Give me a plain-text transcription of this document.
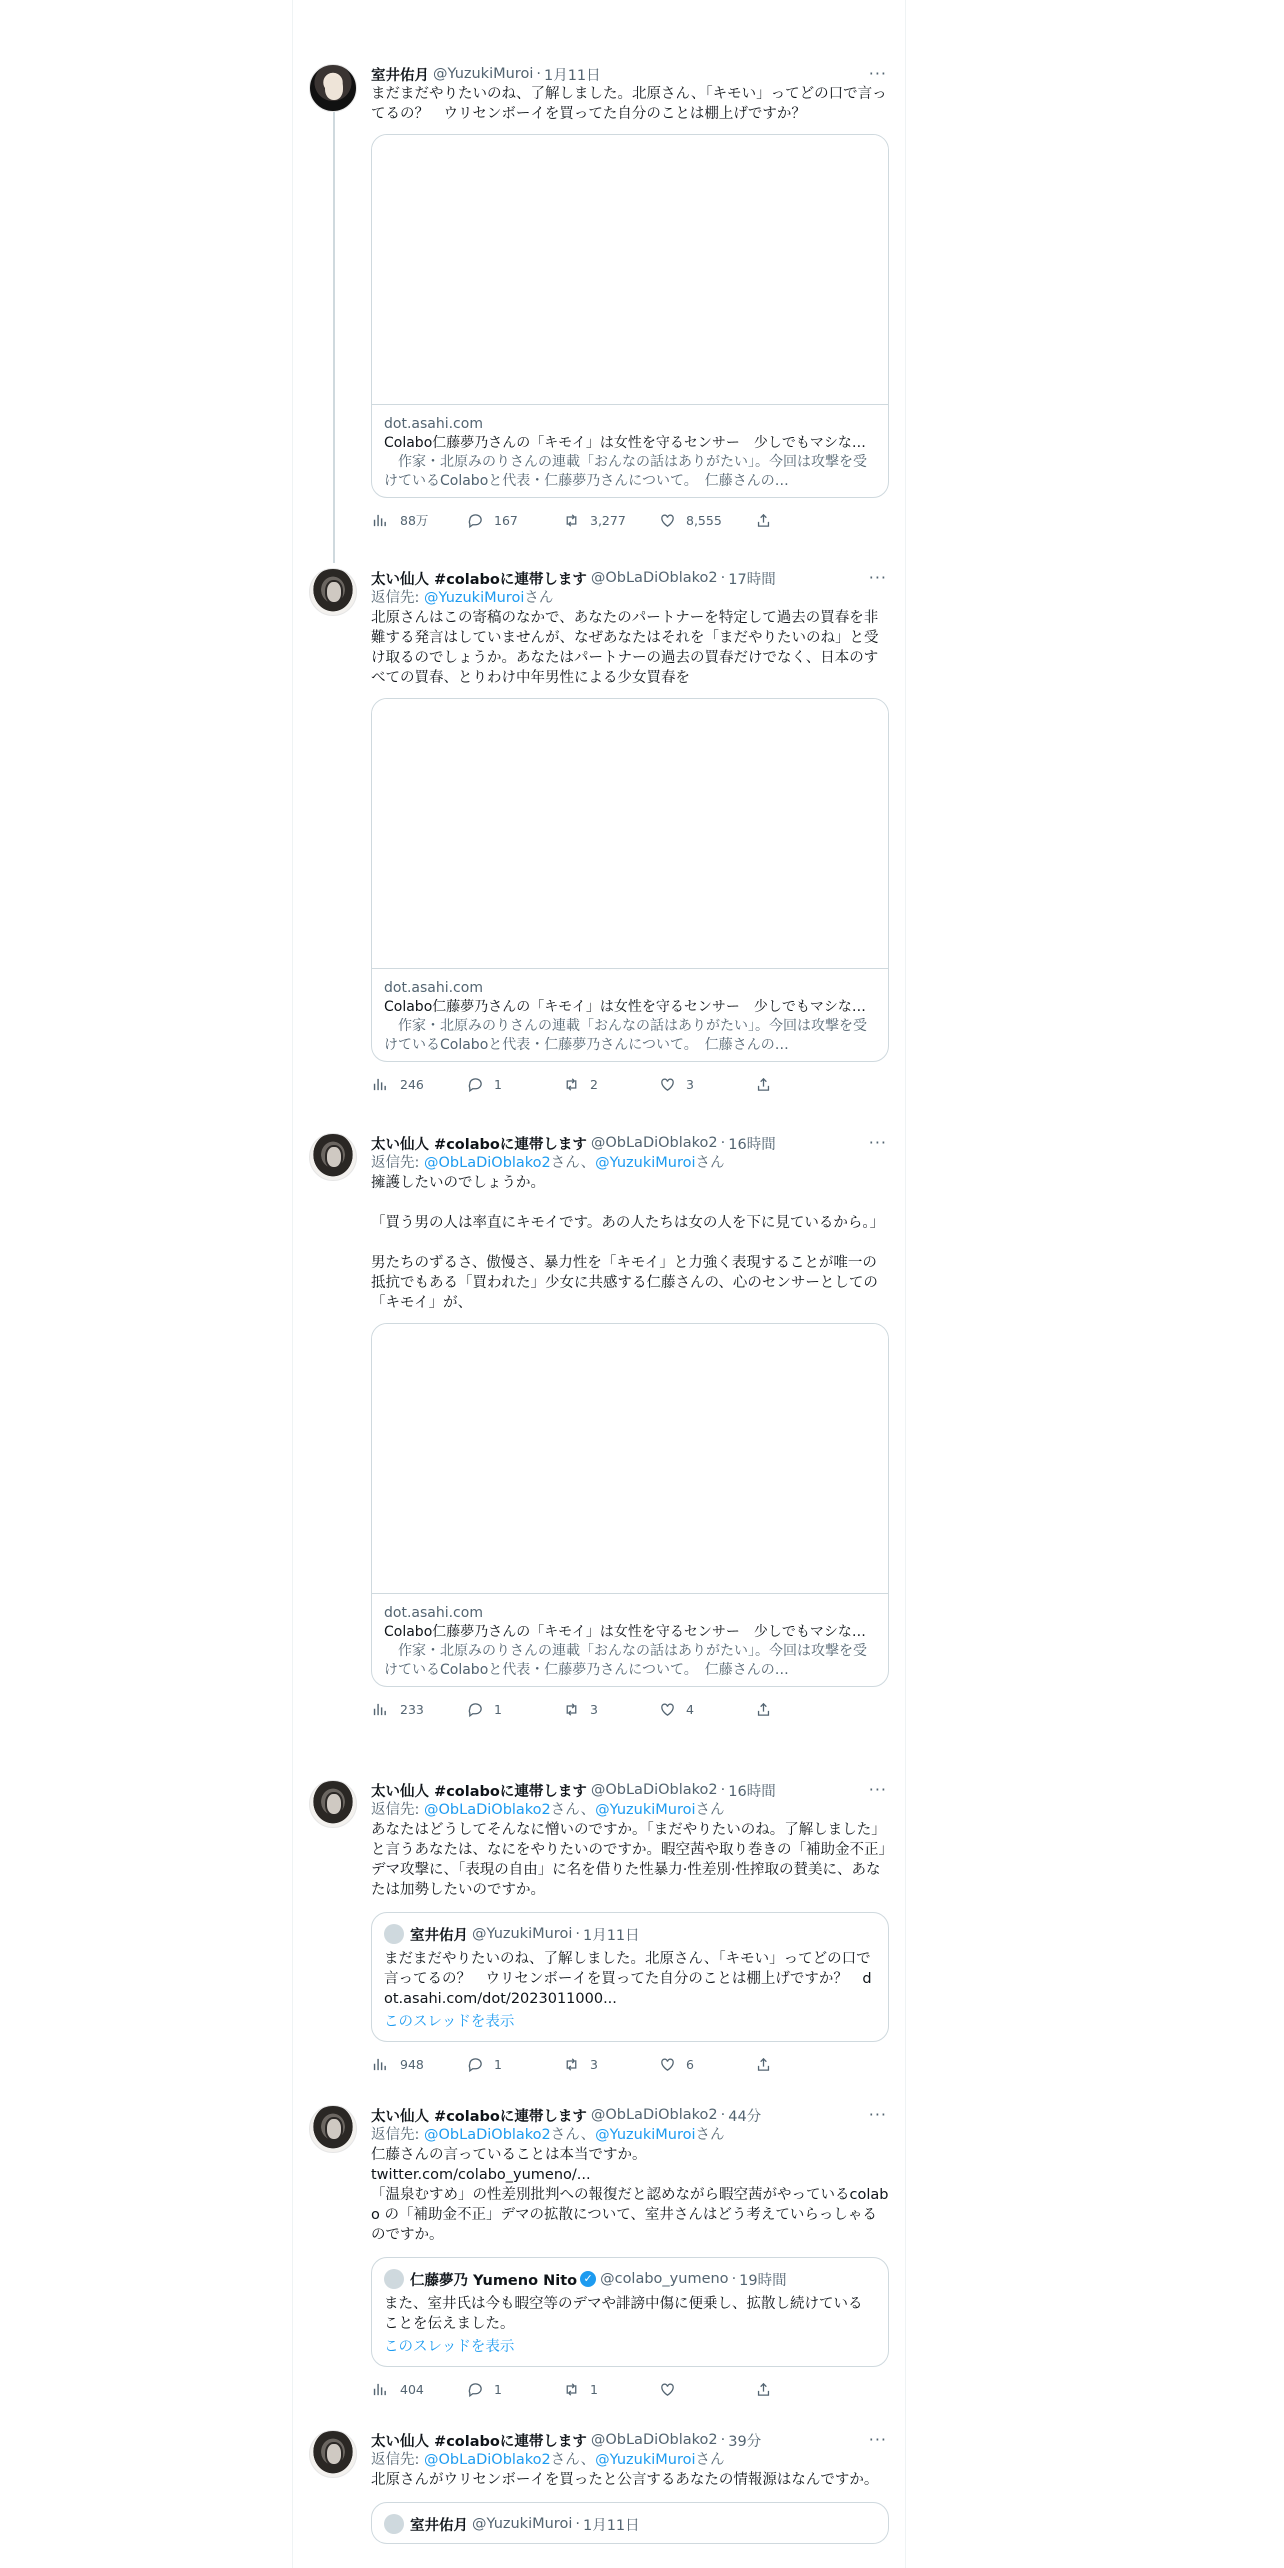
室井佑月 @YuzukiMuroi · 1月11日	···
まだまだやりたいのね、了解しました。北原さん、「キモい」ってどの口で言ってるの？　ウリセンボーイを買ってた自分のことは棚上げですか？
dot.asahi.com
Colabo仁藤夢乃さんの「キモイ」は女性を守るセンサー　少しでもマシな…
　作家・北原みのりさんの連載「おんなの話はありがたい」。今回は攻撃を受けているColaboと代表・仁藤夢乃さんについて。　仁藤さんの…
88万	167	3,277	8,555
太い仙人 #colaboに連帯します @ObLaDiOblako2 · 17時間	···
返信先: @YuzukiMuroiさん
北原さんはこの寄稿のなかで、あなたのパートナーを特定して過去の買春を非難する発言はしていませんが、なぜあなたはそれを「まだやりたいのね」と受け取るのでしょうか。あなたはパートナーの過去の買春だけでなく、日本のすべての買春、とりわけ中年男性による少女買春を
dot.asahi.com
Colabo仁藤夢乃さんの「キモイ」は女性を守るセンサー　少しでもマシな…
　作家・北原みのりさんの連載「おんなの話はありがたい」。今回は攻撃を受けているColaboと代表・仁藤夢乃さんについて。　仁藤さんの…
246	1	2	3
太い仙人 #colaboに連帯します @ObLaDiOblako2 · 16時間	···
返信先: @ObLaDiOblako2さん、@YuzukiMuroiさん
擁護したいのでしょうか。

「買う男の人は率直にキモイです。あの人たちは女の人を下に見ているから。」

男たちのずるさ、傲慢さ、暴力性を「キモイ」と力強く表現することが唯一の抵抗でもある「買われた」少女に共感する仁藤さんの、心のセンサーとしての「キモイ」が、
dot.asahi.com
Colabo仁藤夢乃さんの「キモイ」は女性を守るセンサー　少しでもマシな…
　作家・北原みのりさんの連載「おんなの話はありがたい」。今回は攻撃を受けているColaboと代表・仁藤夢乃さんについて。　仁藤さんの…
233	1	3	4
太い仙人 #colaboに連帯します @ObLaDiOblako2 · 16時間	···
返信先: @ObLaDiOblako2さん、@YuzukiMuroiさん
あなたはどうしてそんなに憎いのですか。「まだやりたいのね。了解しました」と言うあなたは、なにをやりたいのですか。暇空茜や取り巻きの「補助金不正」デマ攻撃に、「表現の自由」に名を借りた性暴力·性差別·性搾取の賛美に、あなたは加勢したいのですか。
室井佑月 @YuzukiMuroi · 1月11日
まだまだやりたいのね、了解しました。北原さん、「キモい」ってどの口で言ってるの？　ウリセンボーイを買ってた自分のことは棚上げですか？　dot.asahi.com/dot/2023011000...
このスレッドを表示
948	1	3	6
太い仙人 #colaboに連帯します @ObLaDiOblako2 · 44分	···
返信先: @ObLaDiOblako2さん、@YuzukiMuroiさん
仁藤さんの言っていることは本当ですか。
twitter.com/colabo_yumeno/...
「温泉むすめ」の性差別批判への報復だと認めながら暇空茜がやっているcolabo の「補助金不正」デマの拡散について、室井さんはどう考えていらっしゃるのですか。
仁藤夢乃 Yumeno Nito ✓ @colabo_yumeno · 19時間
また、室井氏は今も暇空等のデマや誹謗中傷に便乗し、拡散し続けていることを伝えました。
このスレッドを表示
404	1	1
太い仙人 #colaboに連帯します @ObLaDiOblako2 · 39分	···
返信先: @ObLaDiOblako2さん、@YuzukiMuroiさん
北原さんがウリセンボーイを買ったと公言するあなたの情報源はなんですか。
室井佑月 @YuzukiMuroi · 1月11日
